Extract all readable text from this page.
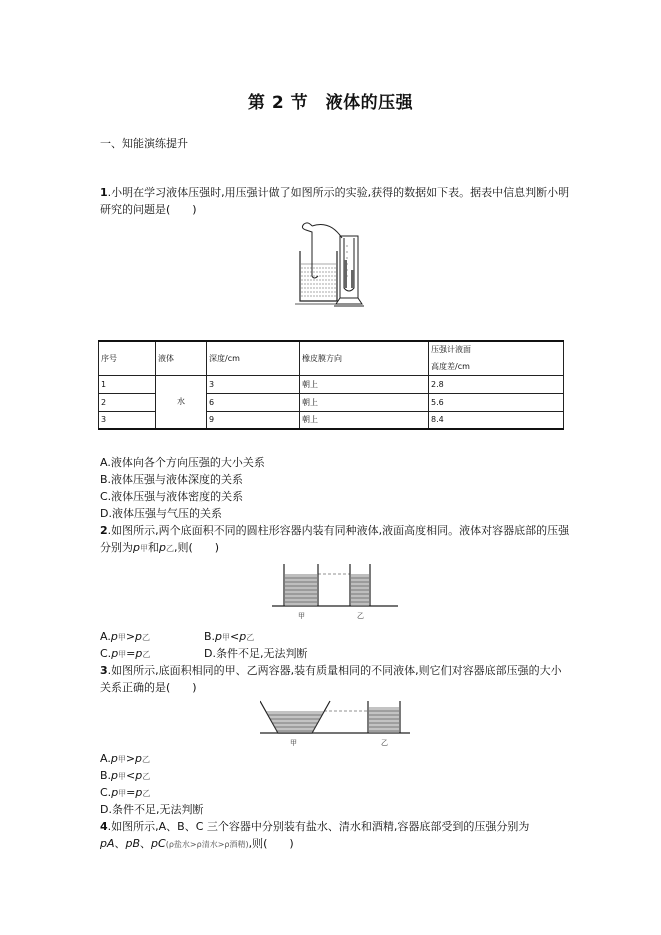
第 2 节　液体的压强
一、知能演练提升
1.小明在学习液体压强时,用压强计做了如图所示的实验,获得的数据如下表。据表中信息判断小明研究的问题是(　　)
序号	液体	深度/cm	橡皮膜方向	压强计液面
高度差/cm

1	水	3	朝上	2.8
2		6	朝上	5.6
3		9	朝上	8.4
A.液体向各个方向压强的大小关系
B.液体压强与液体深度的关系
C.液体压强与液体密度的关系
D.液体压强与气压的关系
2.如图所示,两个底面积不同的圆柱形容器内装有同种液体,液面高度相同。液体对容器底部的压强分别为p甲和p乙,则(　　)
甲	乙
A.p甲>p乙	B.p甲<p乙
C.p甲=p乙	D.条件不足,无法判断
3.如图所示,底面积相同的甲、乙两容器,装有质量相同的不同液体,则它们对容器底部压强的大小关系正确的是(　　)
甲	乙
A.p甲>p乙
B.p甲<p乙
C.p甲=p乙
D.条件不足,无法判断
4.如图所示,A、B、C 三个容器中分别装有盐水、清水和酒精,容器底部受到的压强分别为
pA、pB、pC(ρ盐水>ρ清水>ρ酒精),则(　　)
